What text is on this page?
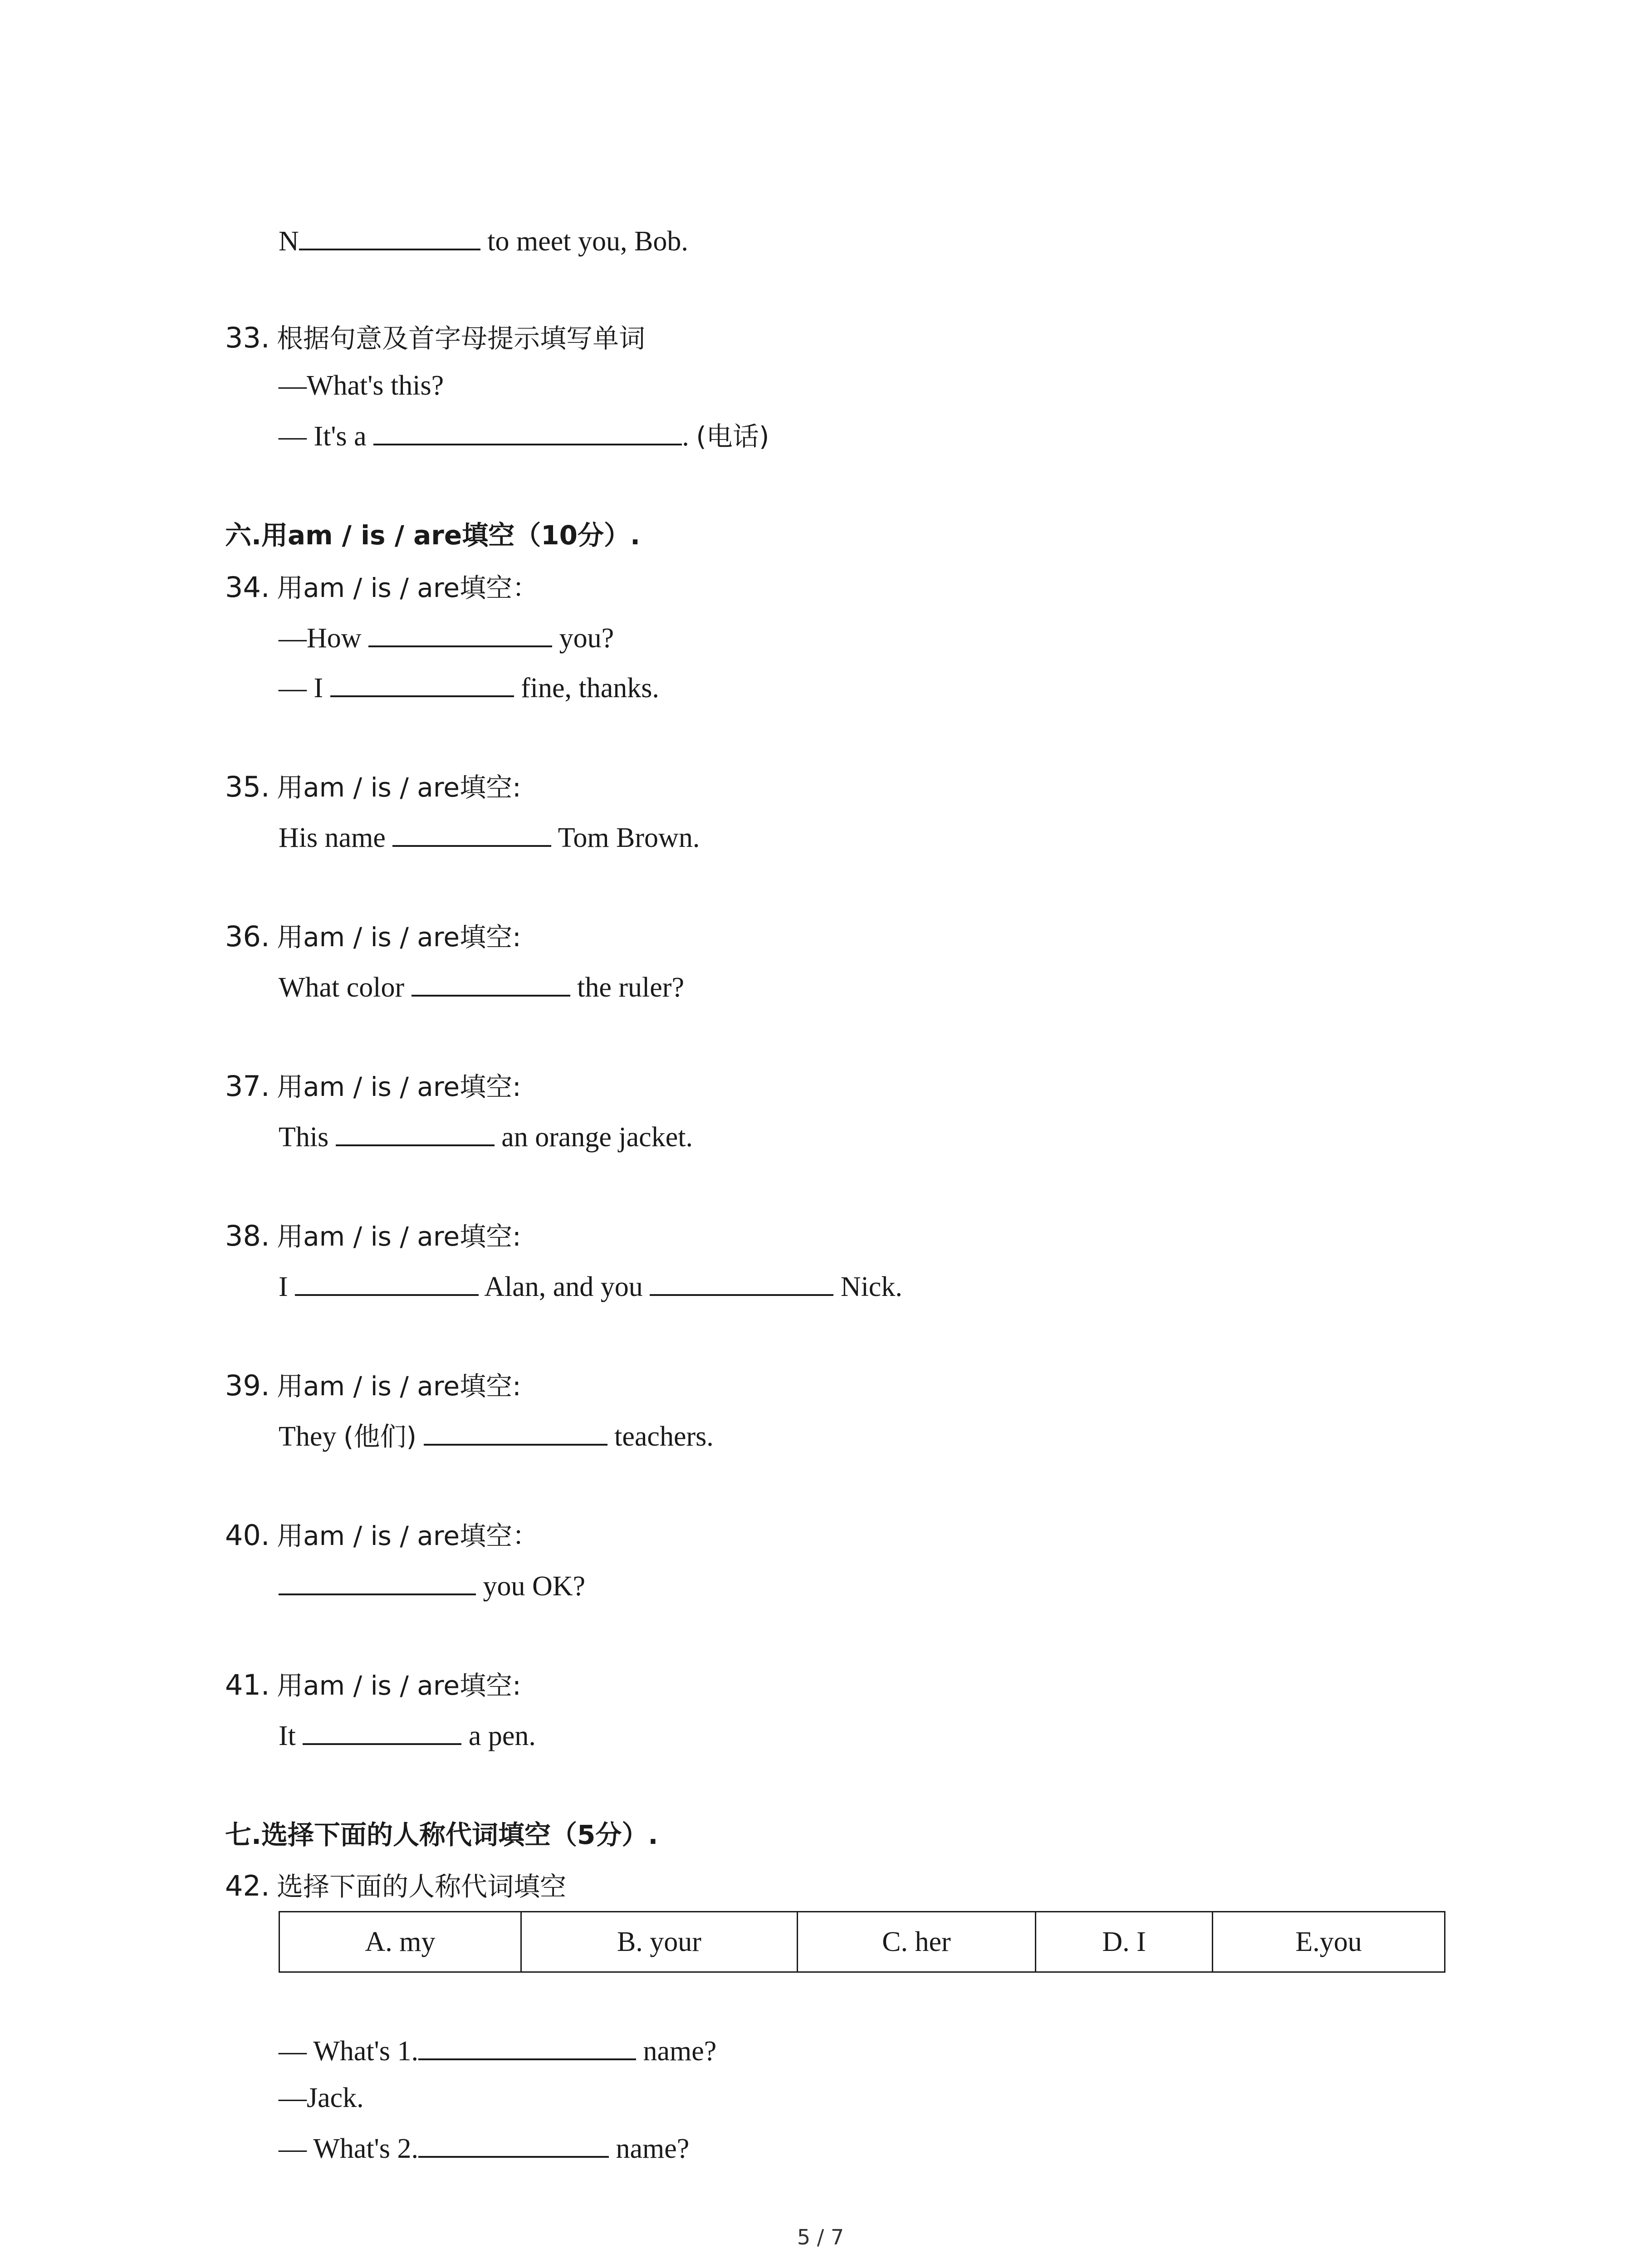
N	to meet you, Bob.
33. 根据句意及首字母提示填写单词
—What's this?
— It's a	. (电话)
六.用am / is / are填空（10分）.
34. 用am / is / are填空：
—How	you?
— I	fine, thanks.
35. 用am / is / are填空:
His name	Tom Brown.
36. 用am / is / are填空:
What color	the ruler?
37. 用am / is / are填空:
This	an orange jacket.
38. 用am / is / are填空:
I	Alan, and you	Nick.
39. 用am / is / are填空:
They (他们)	teachers.
40. 用am / is / are填空：
you OK?
41. 用am / is / are填空:
It	a pen.
七.选择下面的人称代词填空（5分）.
42. 选择下面的人称代词填空
A. my	B. your	C. her	D. I	E.you
— What's 1.	name?
—Jack.
— What's 2.	name?
5 / 7
